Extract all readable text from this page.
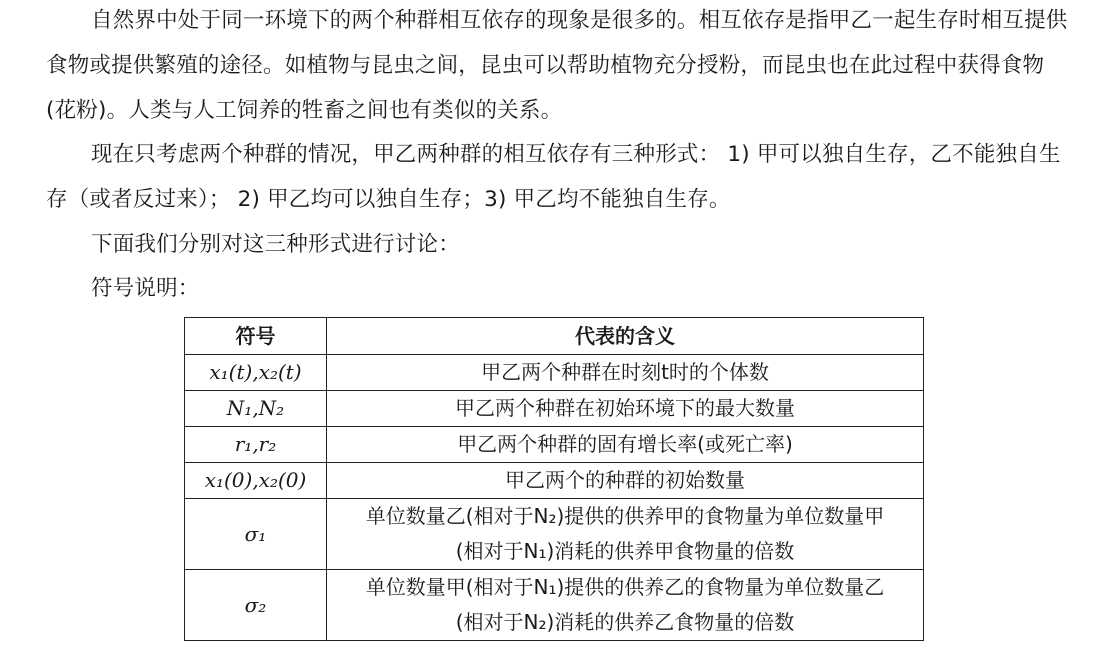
自然界中处于同一环境下的两个种群相互依存的现象是很多的。相互依存是指甲乙一起生存时相互提供食物或提供繁殖的途径。如植物与昆虫之间，昆虫可以帮助植物充分授粉，而昆虫也在此过程中获得食物(花粉)。人类与人工饲养的牲畜之间也有类似的关系。

现在只考虑两个种群的情况，甲乙两种群的相互依存有三种形式： 1) 甲可以独自生存，乙不能独自生存（或者反过来）； 2) 甲乙均可以独自生存；3) 甲乙均不能独自生存。

下面我们分别对这三种形式进行讨论：

符号说明：

符号	代表的含义
x₁(t),x₂(t)	甲乙两个种群在时刻t时的个体数
N₁,N₂	甲乙两个种群在初始环境下的最大数量
r₁,r₂	甲乙两个种群的固有增长率(或死亡率)
x₁(0),x₂(0)	甲乙两个的种群的初始数量
σ₁	单位数量乙(相对于N₂)提供的供养甲的食物量为单位数量甲
(相对于N₁)消耗的供养甲食物量的倍数

σ₂	单位数量甲(相对于N₁)提供的供养乙的食物量为单位数量乙
(相对于N₂)消耗的供养乙食物量的倍数
